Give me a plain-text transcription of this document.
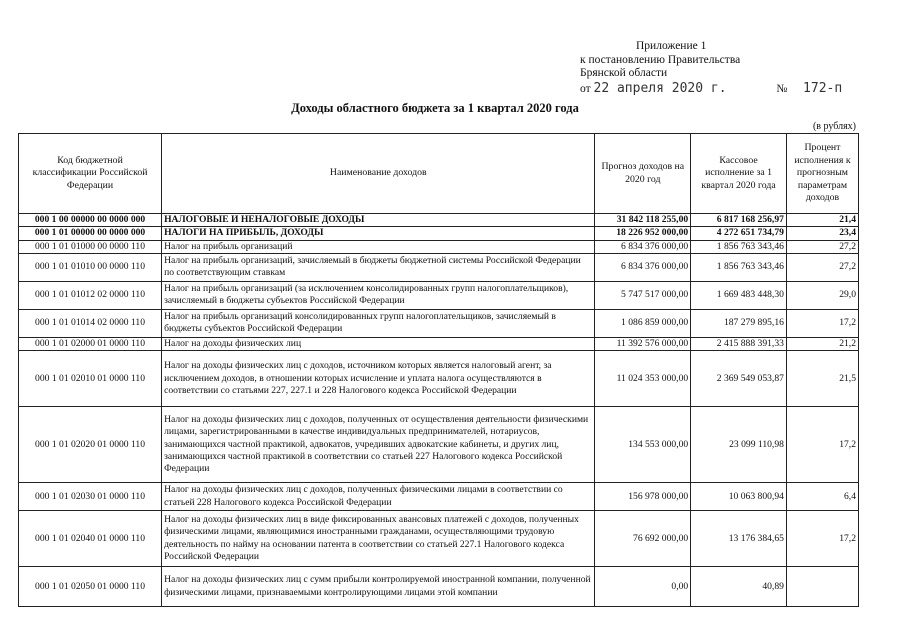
Приложение 1
к постановлению Правительства
Брянской области
от 22 апреля 2020 г.	№ 172-п
Доходы областного бюджета за 1 квартал 2020 года
(в рублях)
Код бюджетной классификации Российской Федерации	Наименование доходов	Прогноз доходов на 2020 год	Кассовое исполнение за 1 квартал 2020 года	Процент исполнения к прогнозным параметрам доходов
000 1 00 00000 00 0000 000	НАЛОГОВЫЕ И НЕНАЛОГОВЫЕ ДОХОДЫ	31 842 118 255,00	6 817 168 256,97	21,4
000 1 01 00000 00 0000 000	НАЛОГИ НА ПРИБЫЛЬ, ДОХОДЫ	18 226 952 000,00	4 272 651 734,79	23,4
000 1 01 01000 00 0000 110	Налог на прибыль организаций	6 834 376 000,00	1 856 763 343,46	27,2
000 1 01 01010 00 0000 110	Налог на прибыль организаций, зачисляемый в бюджеты бюджетной системы Российской Федерации по соответствующим ставкам	6 834 376 000,00	1 856 763 343,46	27,2
000 1 01 01012 02 0000 110	Налог на прибыль организаций (за исключением консолидированных групп налогоплательщиков), зачисляемый в бюджеты субъектов Российской Федерации	5 747 517 000,00	1 669 483 448,30	29,0
000 1 01 01014 02 0000 110	Налог на прибыль организаций консолидированных групп налогоплательщиков, зачисляемый в бюджеты субъектов Российской Федерации	1 086 859 000,00	187 279 895,16	17,2
000 1 01 02000 01 0000 110	Налог на доходы физических лиц	11 392 576 000,00	2 415 888 391,33	21,2
000 1 01 02010 01 0000 110	Налог на доходы физических лиц с доходов, источником которых является налоговый агент, за исключением доходов, в отношении которых исчисление и уплата налога осуществляются в соответствии со статьями 227, 227.1 и 228 Налогового кодекса Российской Федерации	11 024 353 000,00	2 369 549 053,87	21,5
000 1 01 02020 01 0000 110	Налог на доходы физических лиц с доходов, полученных от осуществления деятельности физическими лицами, зарегистрированными в качестве индивидуальных предпринимателей, нотариусов, занимающихся частной практикой, адвокатов, учредивших адвокатские кабинеты, и других лиц, занимающихся частной практикой в соответствии со статьей 227 Налогового кодекса Российской Федерации	134 553 000,00	23 099 110,98	17,2
000 1 01 02030 01 0000 110	Налог на доходы физических лиц с доходов, полученных физическими лицами в соответствии со статьей 228 Налогового кодекса Российской Федерации	156 978 000,00	10 063 800,94	6,4
000 1 01 02040 01 0000 110	Налог на доходы физических лиц в виде фиксированных авансовых платежей с доходов, полученных физическими лицами, являющимися иностранными гражданами, осуществляющими трудовую деятельность по найму на основании патента в соответствии со статьей 227.1 Налогового кодекса Российской Федерации	76 692 000,00	13 176 384,65	17,2
000 1 01 02050 01 0000 110	Налог на доходы физических лиц с сумм прибыли контролируемой иностранной компании, полученной физическими лицами, признаваемыми контролирующими лицами этой компании	0,00	40,89	
